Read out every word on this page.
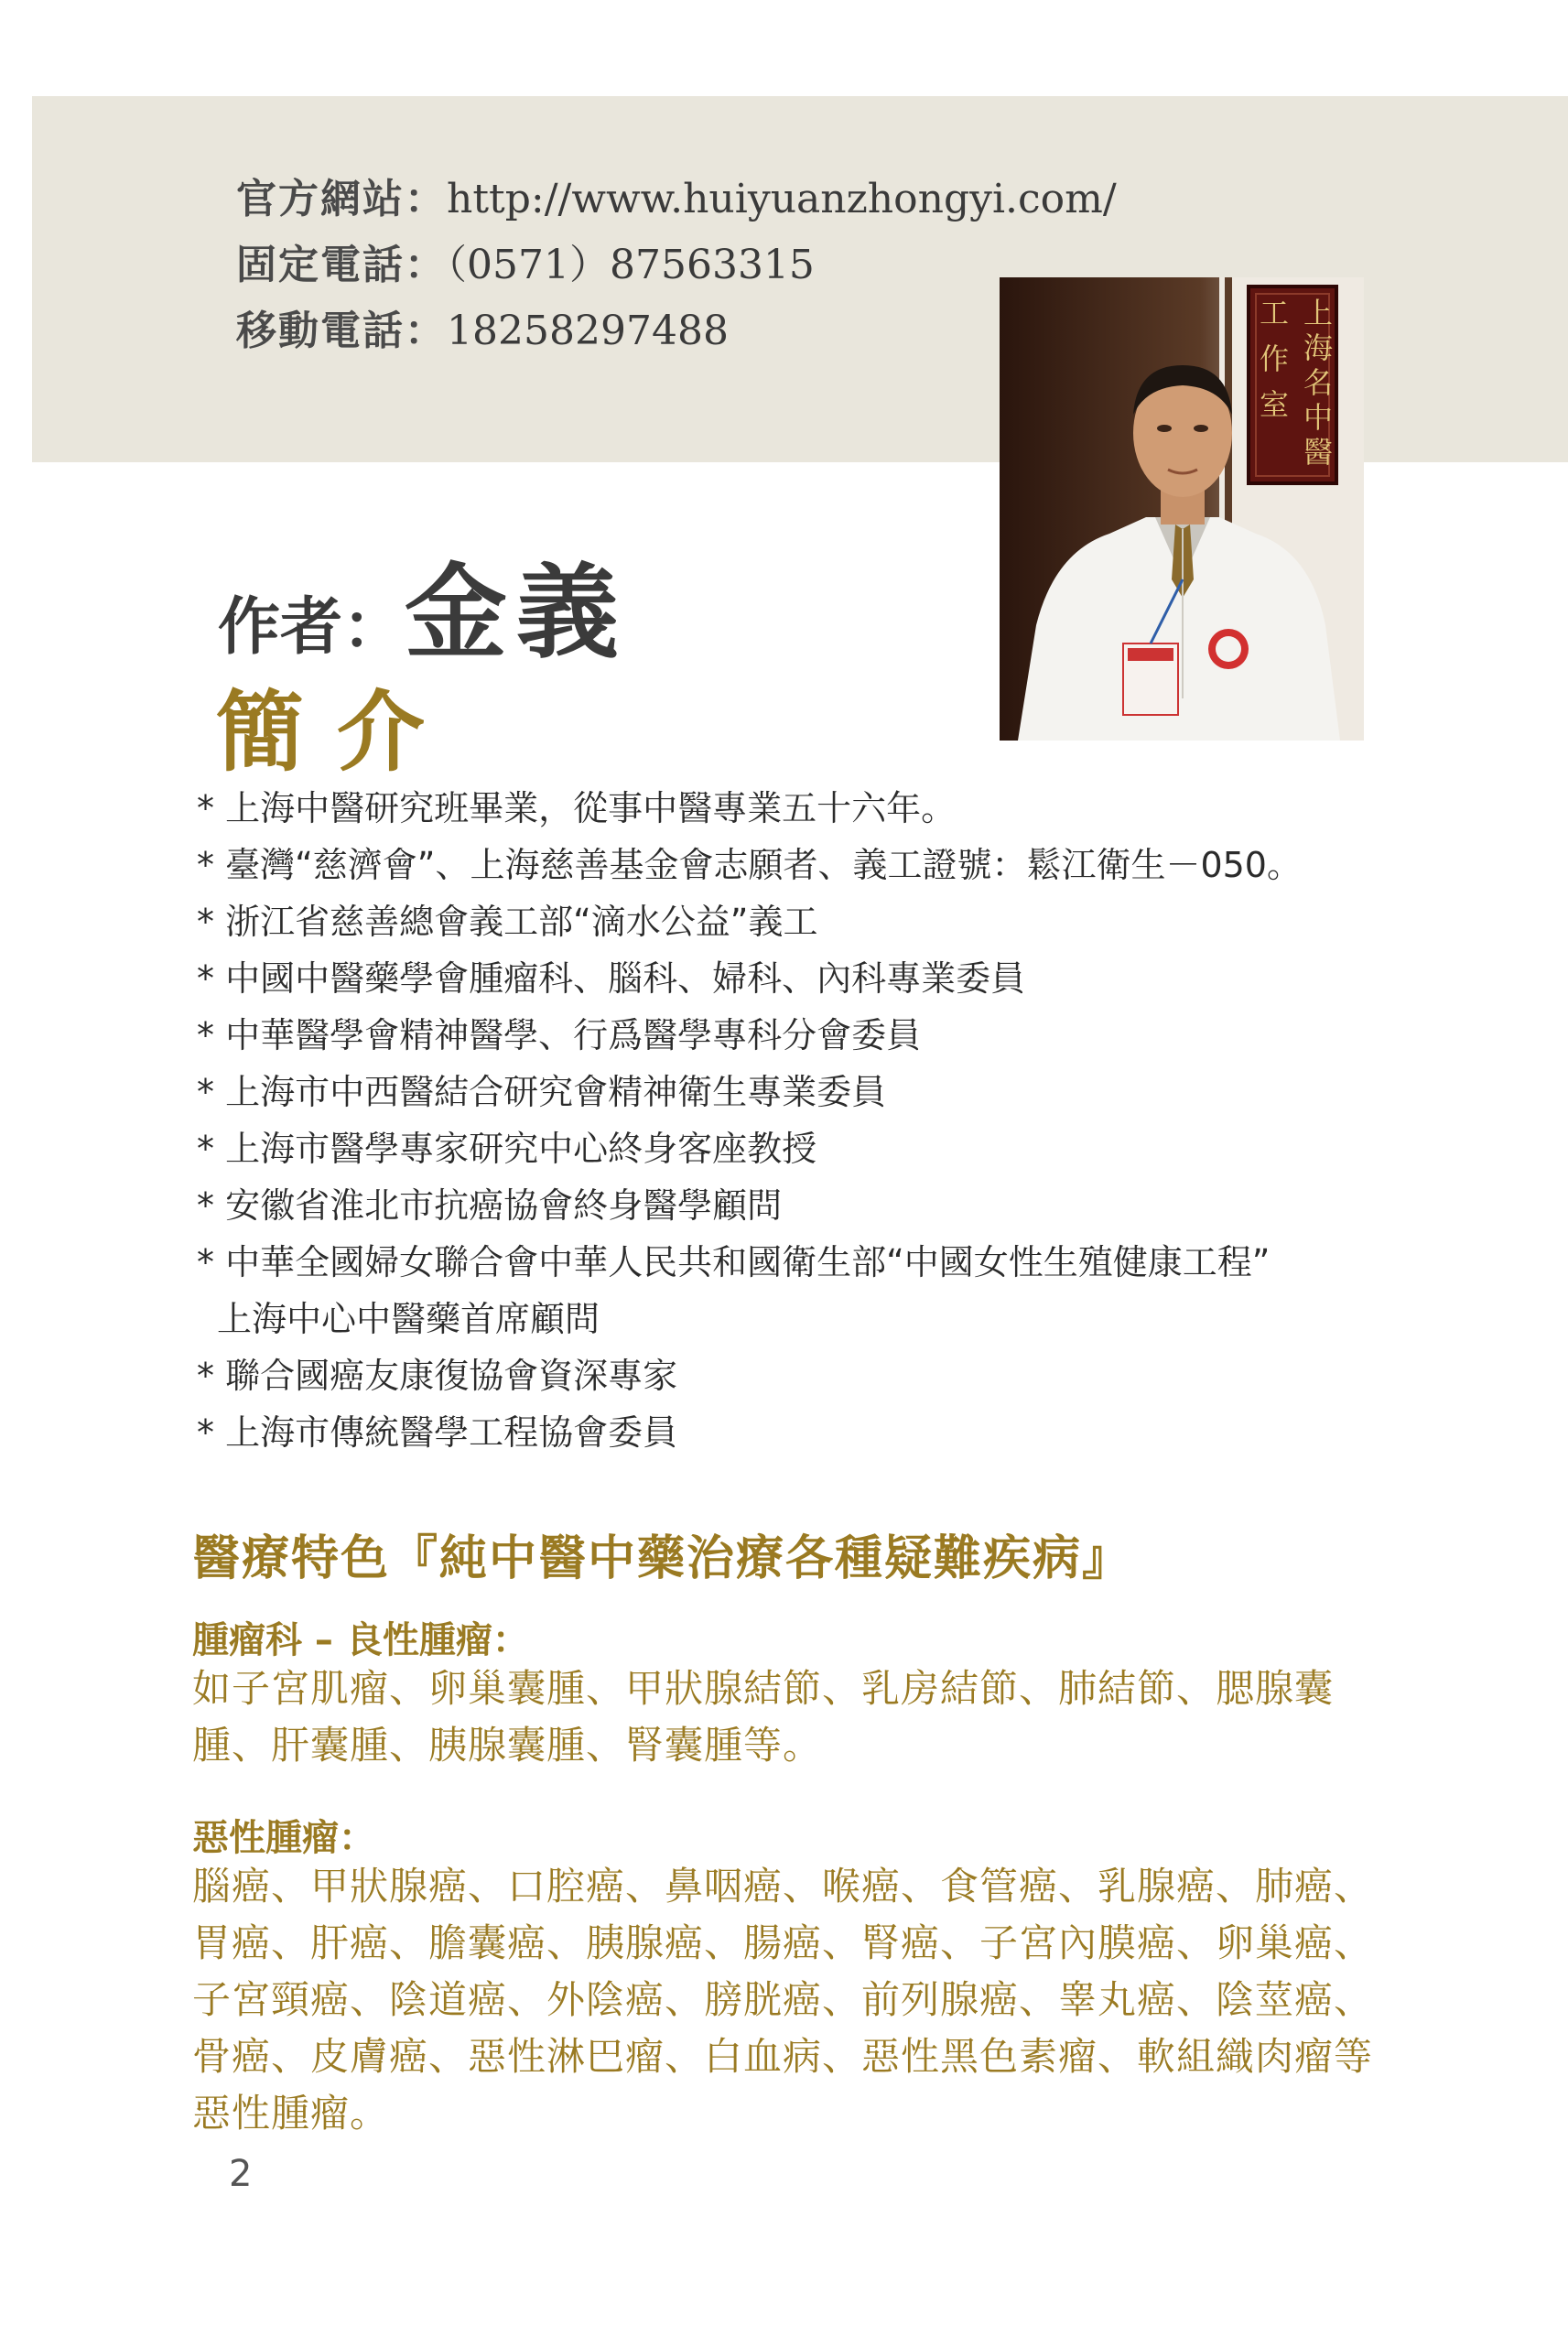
官方網站：http://www.huiyuanzhongyi.com/
固定電話：（0571）87563315
移動電話：18258297488	上海名中醫工作室
作者：金義
簡介
* 上海中醫研究班畢業，從事中醫專業五十六年。
* 臺灣“慈濟會”、上海慈善基金會志願者、義工證號：鬆江衛生－050。
* 浙江省慈善總會義工部“滴水公益”義工
* 中國中醫藥學會腫瘤科、腦科、婦科、內科專業委員
* 中華醫學會精神醫學、行爲醫學專科分會委員
* 上海市中西醫結合研究會精神衛生專業委員
* 上海市醫學專家研究中心終身客座教授
* 安徽省淮北市抗癌協會終身醫學顧問
* 中華全國婦女聯合會中華人民共和國衛生部“中國女性生殖健康工程”
上海中心中醫藥首席顧問
* 聯合國癌友康復協會資深專家
* 上海市傳統醫學工程協會委員
醫療特色『純中醫中藥治療各種疑難疾病』
腫瘤科 – 良性腫瘤：
如子宮肌瘤、卵巢囊腫、甲狀腺結節、乳房結節、肺結節、腮腺囊腫、肝囊腫、胰腺囊腫、腎囊腫等。
惡性腫瘤：
腦癌、甲狀腺癌、口腔癌、鼻咽癌、喉癌、食管癌、乳腺癌、肺癌、胃癌、肝癌、膽囊癌、胰腺癌、腸癌、腎癌、子宮內膜癌、卵巢癌、子宮頸癌、陰道癌、外陰癌、膀胱癌、前列腺癌、睾丸癌、陰莖癌、骨癌、皮膚癌、惡性淋巴瘤、白血病、惡性黑色素瘤、軟組織肉瘤等惡性腫瘤。
2
